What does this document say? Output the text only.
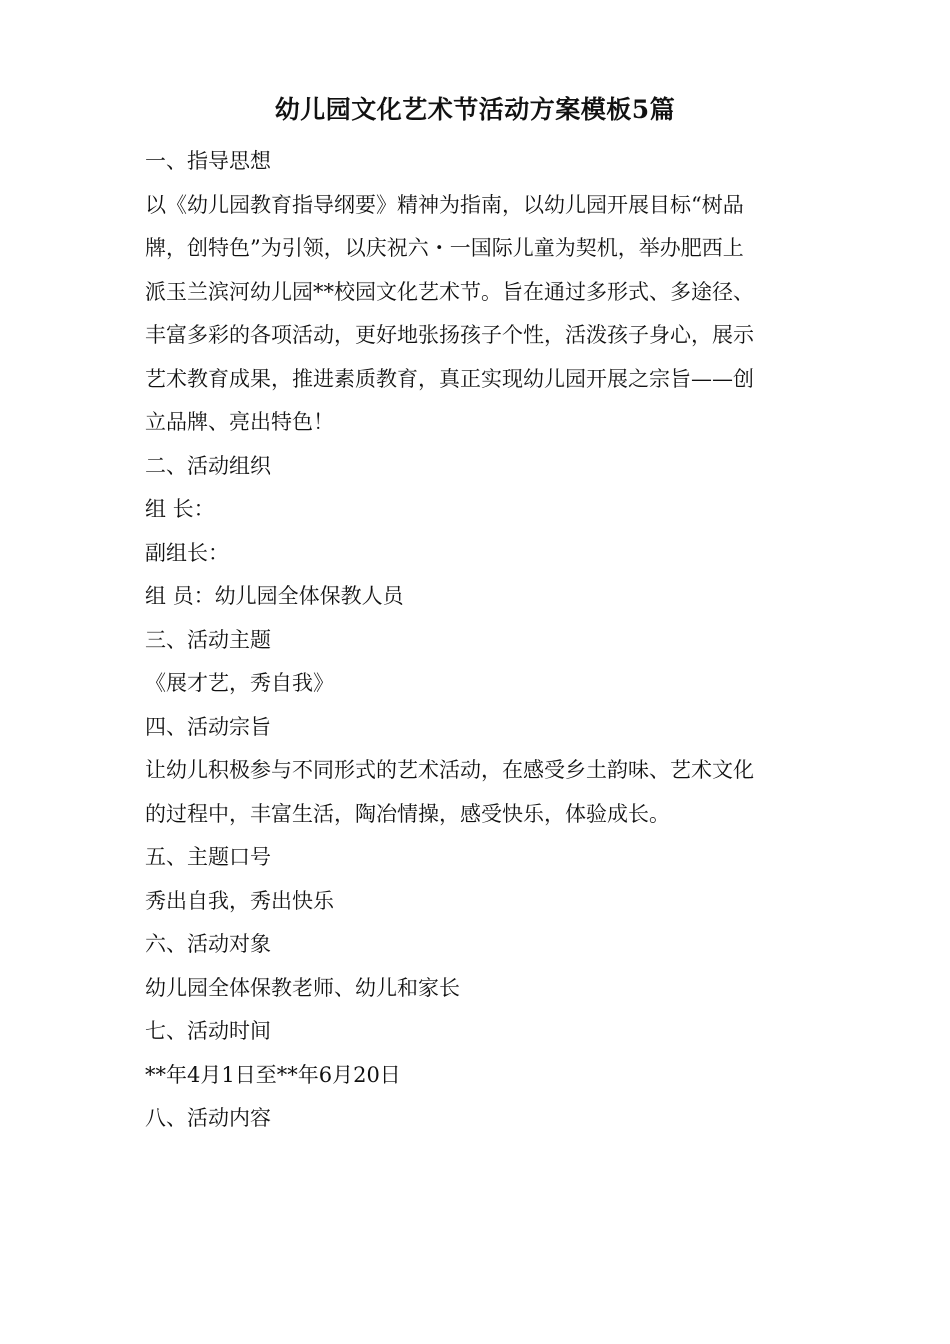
幼儿园文化艺术节活动方案模板5篇
一、指导思想
以《幼儿园教育指导纲要》精神为指南，以幼儿园开展目标“树品
牌，创特色”为引领，以庆祝六・一国际儿童为契机，举办肥西上
派玉兰滨河幼儿园**校园文化艺术节。旨在通过多形式、多途径、
丰富多彩的各项活动，更好地张扬孩子个性，活泼孩子身心，展示
艺术教育成果，推进素质教育，真正实现幼儿园开展之宗旨——创
立品牌、亮出特色！
二、活动组织
组 长：
副组长：
组 员：幼儿园全体保教人员
三、活动主题
《展才艺，秀自我》
四、活动宗旨
让幼儿积极参与不同形式的艺术活动，在感受乡土韵味、艺术文化
的过程中，丰富生活，陶冶情操，感受快乐，体验成长。
五、主题口号
秀出自我，秀出快乐
六、活动对象
幼儿园全体保教老师、幼儿和家长
七、活动时间
**年4月1日至**年6月20日
八、活动内容
